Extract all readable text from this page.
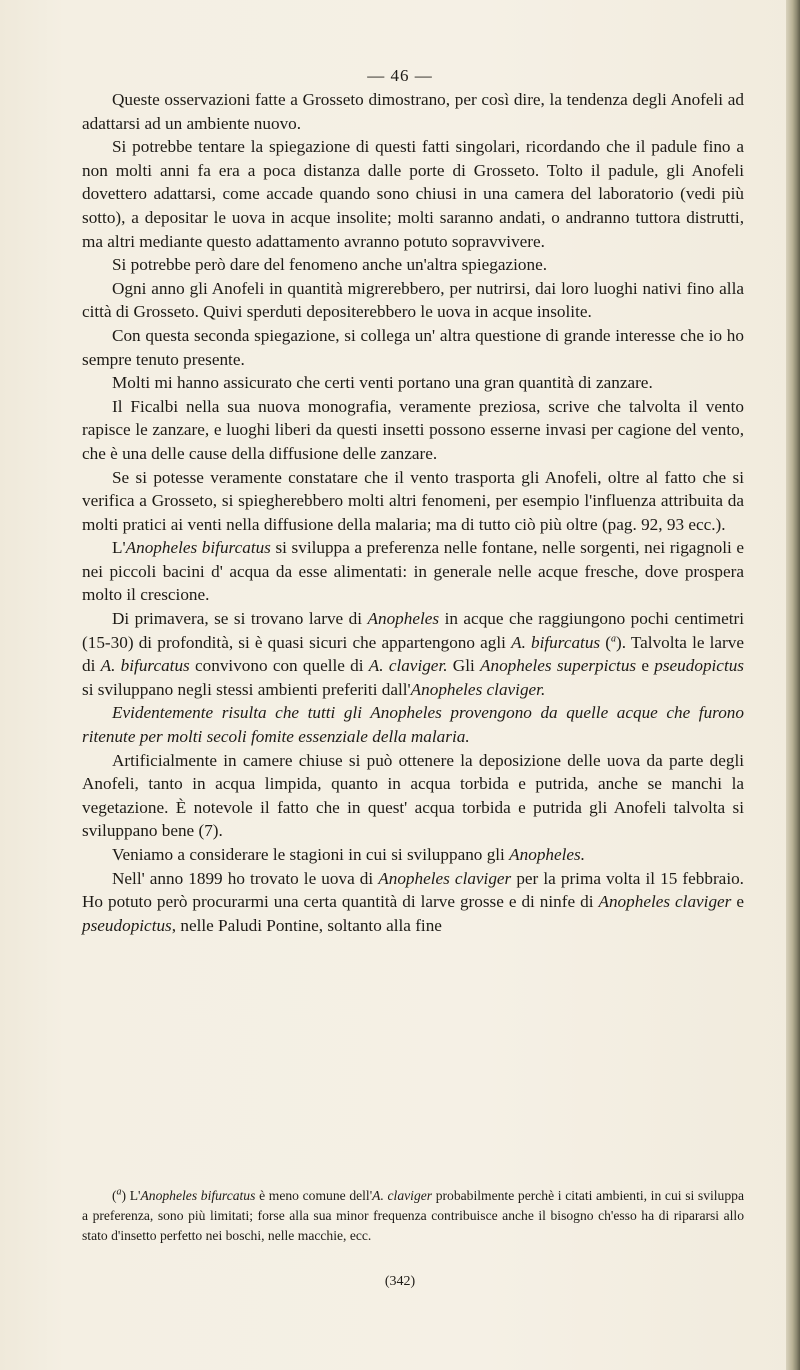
— 46 —

Queste osservazioni fatte a Grosseto dimostrano, per così dire, la tendenza degli Anofeli ad adattarsi ad un ambiente nuovo.

Si potrebbe tentare la spiegazione di questi fatti singolari, ricordando che il padule fino a non molti anni fa era a poca distanza dalle porte di Grosseto. Tolto il padule, gli Anofeli dovettero adattarsi, come accade quando sono chiusi in una camera del laboratorio (vedi più sotto), a depositar le uova in acque insolite; molti saranno andati, o andranno tuttora distrutti, ma altri mediante questo adattamento avranno potuto sopravvivere.

Si potrebbe però dare del fenomeno anche un'altra spiegazione.

Ogni anno gli Anofeli in quantità migrerebbero, per nutrirsi, dai loro luoghi nativi fino alla città di Grosseto. Quivi sperduti depositerebbero le uova in acque insolite.

Con questa seconda spiegazione, si collega un' altra questione di grande interesse che io ho sempre tenuto presente.

Molti mi hanno assicurato che certi venti portano una gran quantità di zanzare.

Il Ficalbi nella sua nuova monografia, veramente preziosa, scrive che talvolta il vento rapisce le zanzare, e luoghi liberi da questi insetti possono esserne invasi per cagione del vento, che è una delle cause della diffusione delle zanzare.

Se si potesse veramente constatare che il vento trasporta gli Anofeli, oltre al fatto che si verifica a Grosseto, si spiegherebbero molti altri fenomeni, per esempio l'influenza attribuita da molti pratici ai venti nella diffusione della malaria; ma di tutto ciò più oltre (pag. 92, 93 ecc.).

L'Anopheles bifurcatus si sviluppa a preferenza nelle fontane, nelle sorgenti, nei rigagnoli e nei piccoli bacini d' acqua da esse alimentati: in generale nelle acque fresche, dove prospera molto il crescione.

Di primavera, se si trovano larve di Anopheles in acque che raggiungono pochi centimetri (15-30) di profondità, si è quasi sicuri che appartengono agli A. bifurcatus ($^a$). Talvolta le larve di A. bifurcatus convivono con quelle di A. claviger. Gli Anopheles superpictus e pseudopictus si sviluppano negli stessi ambienti preferiti dall'Anopheles claviger.

Evidentemente risulta che tutti gli Anopheles provengono da quelle acque che furono ritenute per molti secoli fomite essenziale della malaria.

Artificialmente in camere chiuse si può ottenere la deposizione delle uova da parte degli Anofeli, tanto in acqua limpida, quanto in acqua torbida e putrida, anche se manchi la vegetazione. È notevole il fatto che in quest' acqua torbida e putrida gli Anofeli talvolta si sviluppano bene (7).

Veniamo a considerare le stagioni in cui si sviluppano gli Anopheles.

Nell' anno 1899 ho trovato le uova di Anopheles claviger per la prima volta il 15 febbraio. Ho potuto però procurarmi una certa quantità di larve grosse e di ninfe di Anopheles claviger e pseudopictus, nelle Paludi Pontine, soltanto alla fine

($^a$) L'Anopheles bifurcatus è meno comune dell'A. claviger probabilmente perchè i citati ambienti, in cui si sviluppa a preferenza, sono più limitati; forse alla sua minor frequenza contribuisce anche il bisogno ch'esso ha di ripararsi allo stato d'insetto perfetto nei boschi, nelle macchie, ecc.

(342)
